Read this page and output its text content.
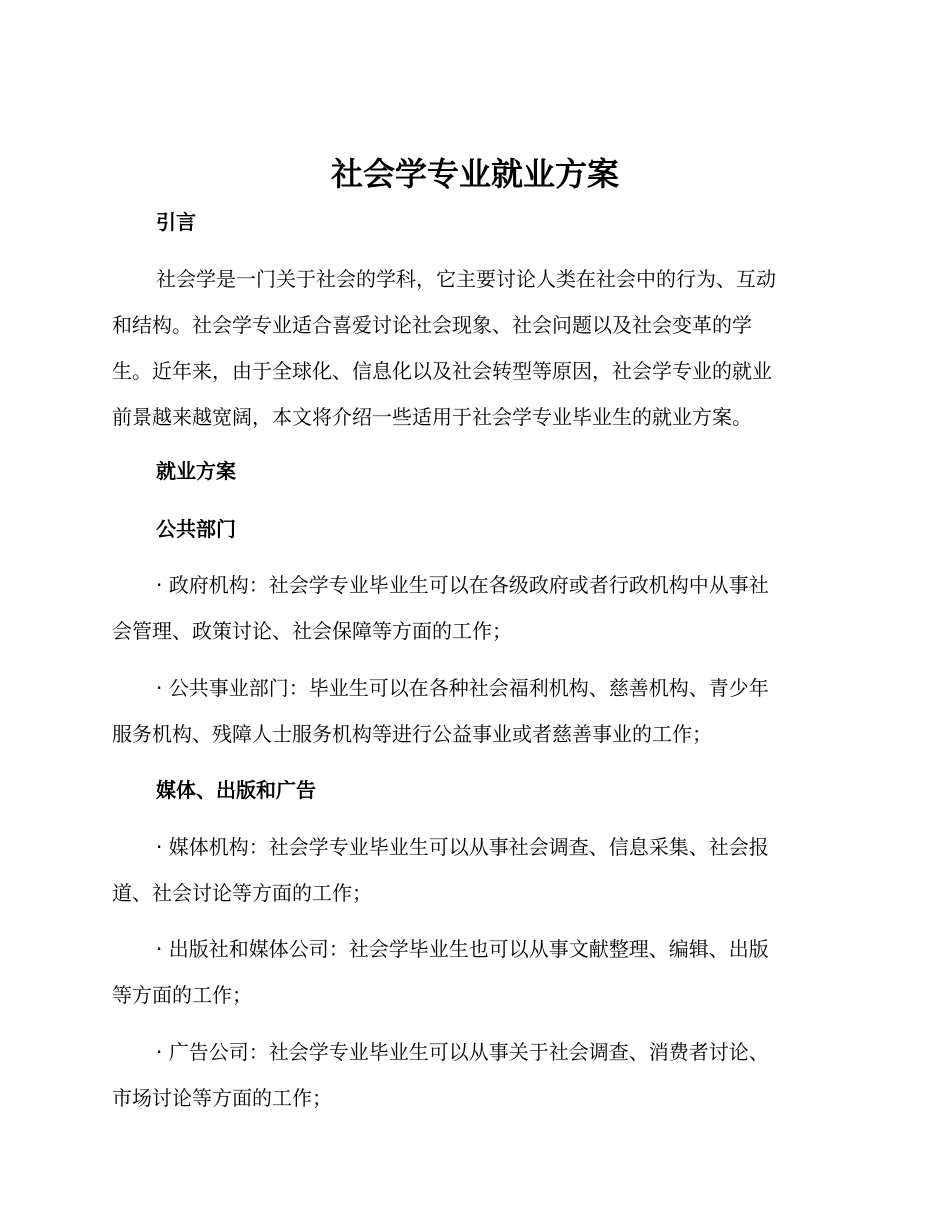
社会学专业就业方案
引言

社会学是一门关于社会的学科，它主要讨论人类在社会中的行为、互动
和结构。社会学专业适合喜爱讨论社会现象、社会问题以及社会变革的学
生。近年来，由于全球化、信息化以及社会转型等原因，社会学专业的就业
前景越来越宽阔，本文将介绍一些适用于社会学专业毕业生的就业方案。

就业方案
公共部门

· 政府机构：社会学专业毕业生可以在各级政府或者行政机构中从事社
会管理、政策讨论、社会保障等方面的工作；

· 公共事业部门：毕业生可以在各种社会福利机构、慈善机构、青少年
服务机构、残障人士服务机构等进行公益事业或者慈善事业的工作；

媒体、出版和广告

· 媒体机构：社会学专业毕业生可以从事社会调查、信息采集、社会报
道、社会讨论等方面的工作；

· 出版社和媒体公司：社会学毕业生也可以从事文献整理、编辑、出版
等方面的工作；

· 广告公司：社会学专业毕业生可以从事关于社会调查、消费者讨论、
市场讨论等方面的工作；
